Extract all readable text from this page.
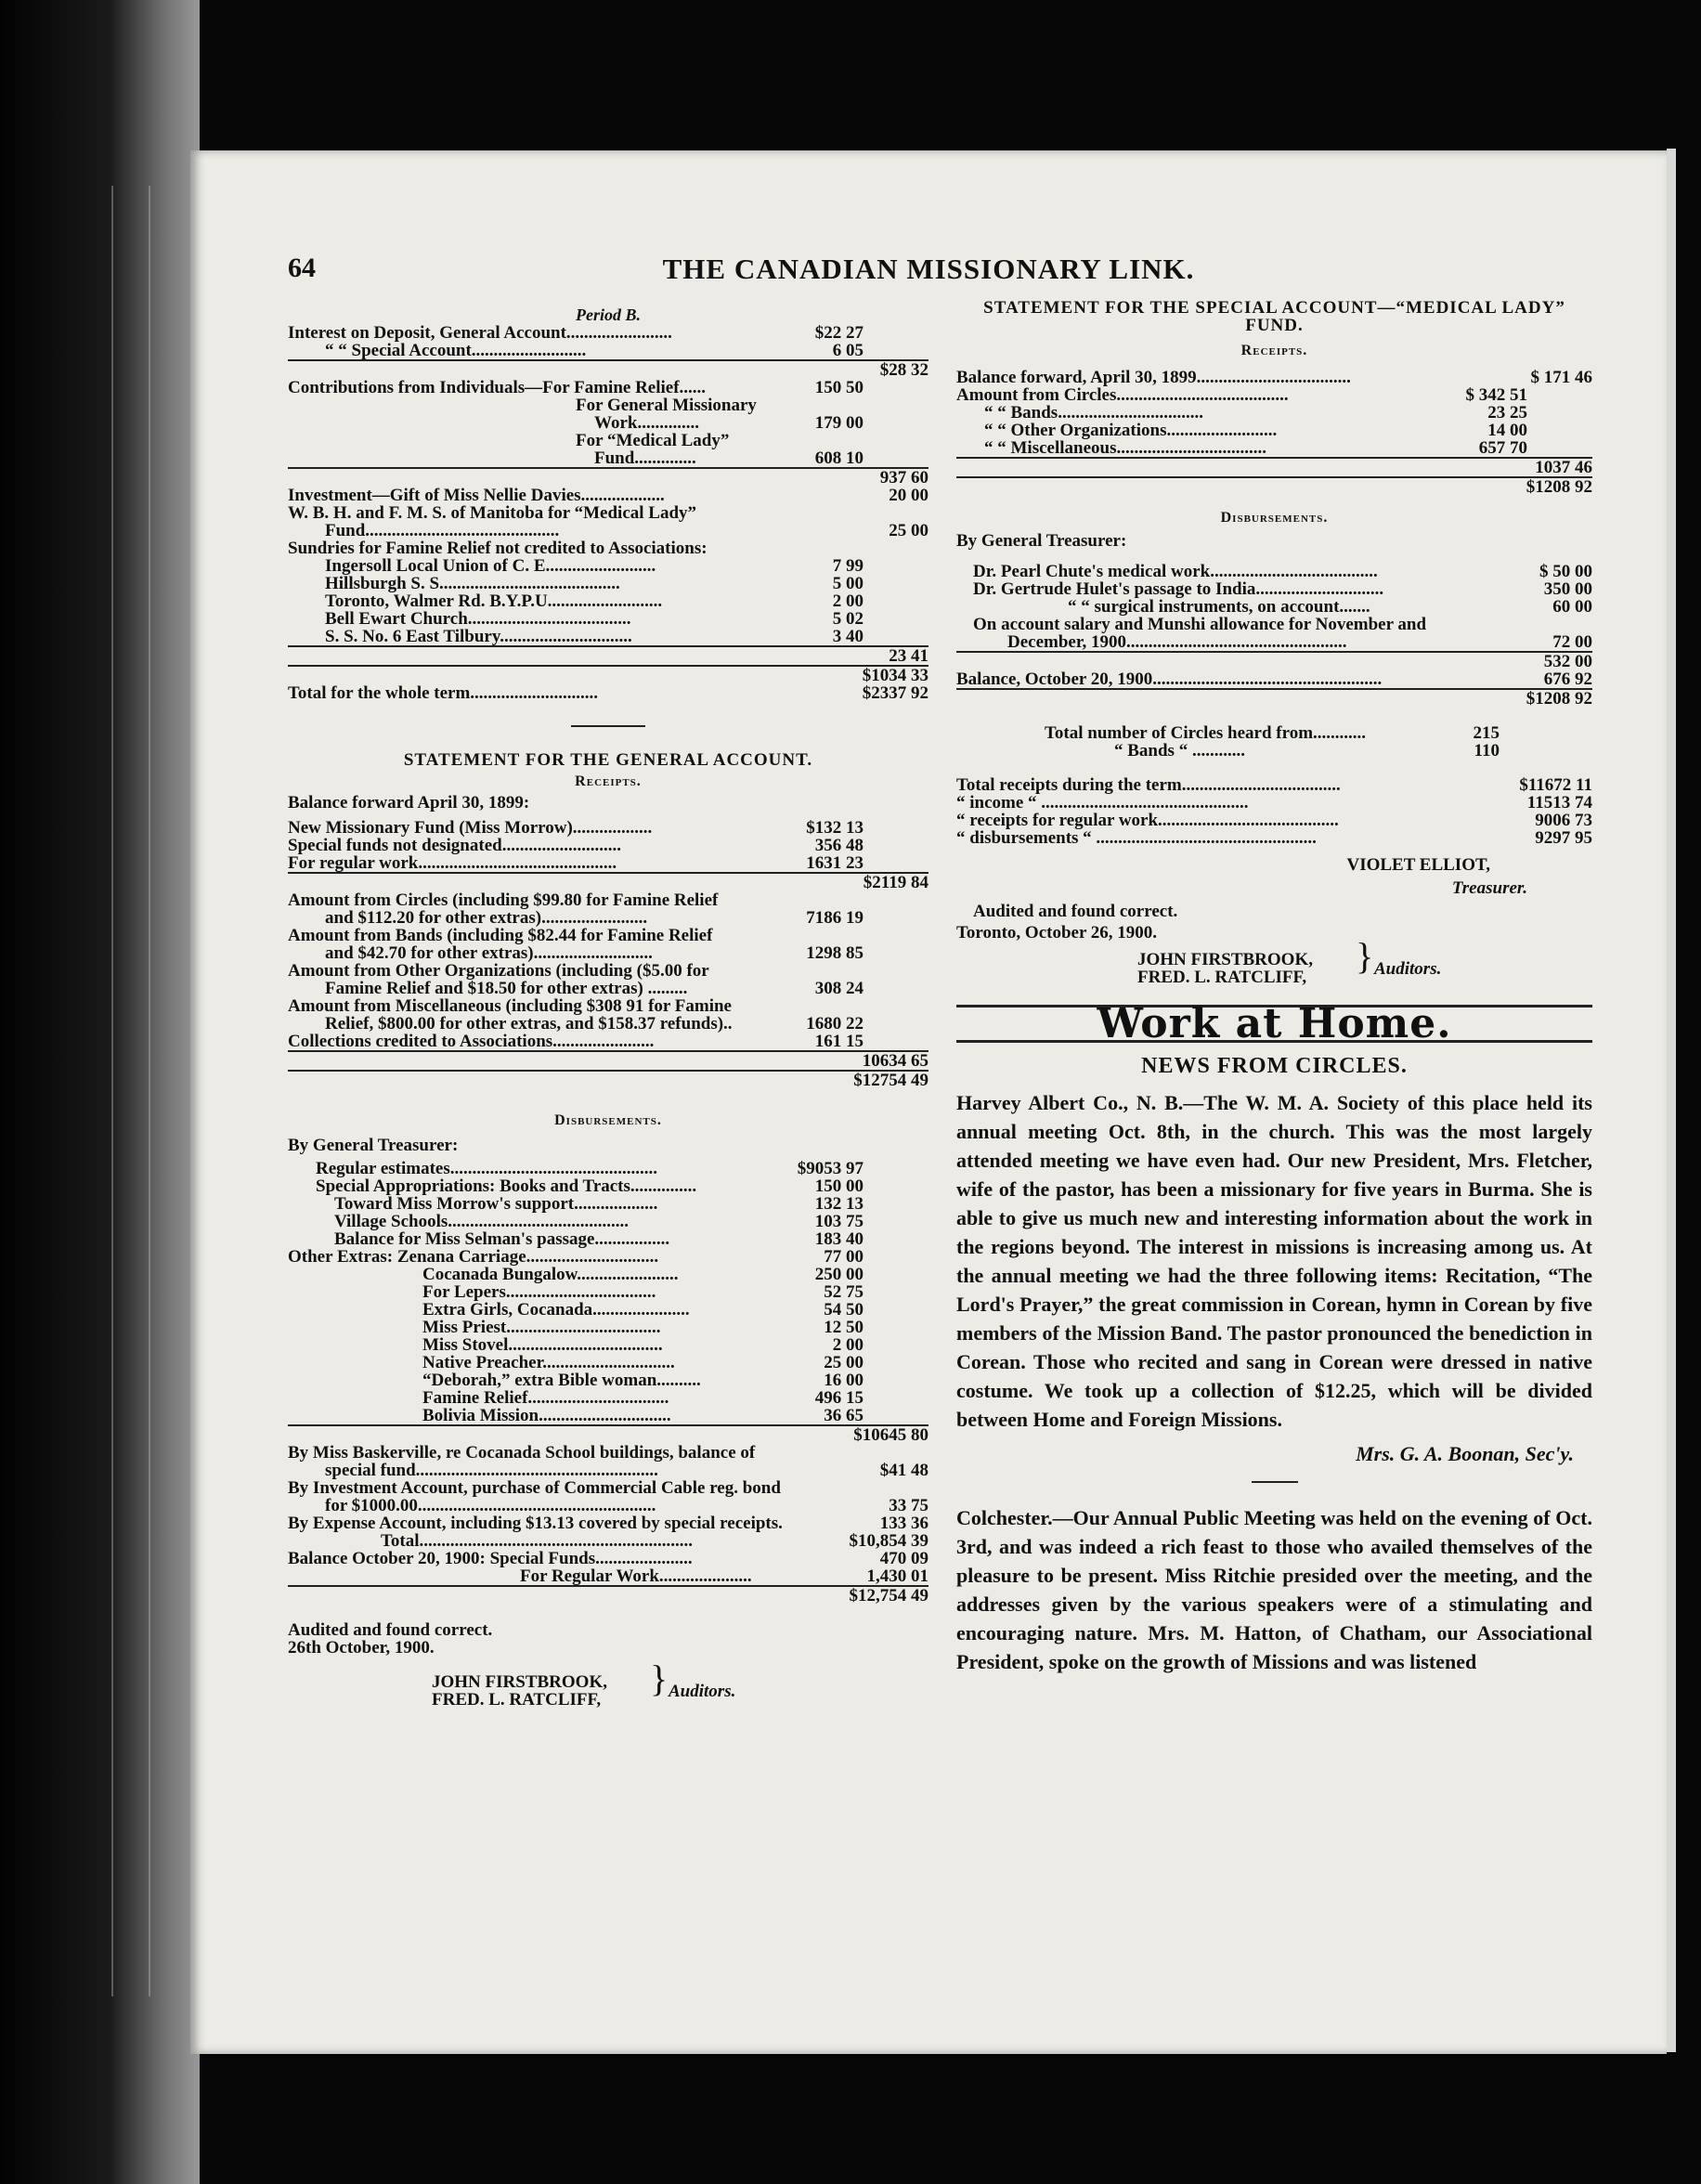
64	THE CANADIAN MISSIONARY LINK.
Period B.
Interest on Deposit, General Account........................	$22 27
“ “ Special Account..........................	6 05
$28 32
Contributions from Individuals—For Famine Relief......	150 50
For General Missionary
Work..............	179 00
For “Medical Lady”
Fund..............	608 10
937 60
Investment—Gift of Miss Nellie Davies...................	20 00
W. B. H. and F. M. S. of Manitoba for “Medical Lady”
Fund............................................	25 00
Sundries for Famine Relief not credited to Associations:
Ingersoll Local Union of C. E.........................	7 99
Hillsburgh S. S.........................................	5 00
Toronto, Walmer Rd. B.Y.P.U..........................	2 00
Bell Ewart Church.....................................	5 02
S. S. No. 6 East Tilbury..............................	3 40
23 41
$1034 33
Total for the whole term.............................	$2337 92
STATEMENT FOR THE GENERAL ACCOUNT.
Receipts.
Balance forward April 30, 1899:
New Missionary Fund (Miss Morrow)..................	$132 13
Special funds not designated...........................	356 48
For regular work.............................................	1631 23
$2119 84
Amount from Circles (including $99.80 for Famine Relief
and $112.20 for other extras)........................	7186 19
Amount from Bands (including $82.44 for Famine Relief
and $42.70 for other extras)...........................	1298 85
Amount from Other Organizations (including ($5.00 for
Famine Relief and $18.50 for other extras) .........	308 24
Amount from Miscellaneous (including $308 91 for Famine
Relief, $800.00 for other extras, and $158.37 refunds)..	1680 22
Collections credited to Associations.......................	161 15
10634 65
$12754 49
Disbursements.
By General Treasurer:
Regular estimates...............................................	$9053 97
Special Appropriations: Books and Tracts...............	150 00
Toward Miss Morrow's support...................	132 13
Village Schools.........................................	103 75
Balance for Miss Selman's passage.................	183 40
Other Extras: Zenana Carriage..............................	77 00
Cocanada Bungalow.......................	250 00
For Lepers..................................	52 75
Extra Girls, Cocanada......................	54 50
Miss Priest...................................	12 50
Miss Stovel...................................	2 00
Native Preacher..............................	25 00
“Deborah,” extra Bible woman..........	16 00
Famine Relief................................	496 15
Bolivia Mission..............................	36 65
$10645 80
By Miss Baskerville, re Cocanada School buildings, balance of
special fund.......................................................	$41 48
By Investment Account, purchase of Commercial Cable reg. bond
for $1000.00......................................................	33 75
By Expense Account, including $13.13 covered by special receipts.	133 36
Total..............................................................	$10,854 39
Balance October 20, 1900: Special Funds......................	470 09
For Regular Work.....................	1,430 01
$12,754 49
Audited and found correct.
26th October, 1900.
JOHN FIRSTBROOK,
FRED. L. RATCLIFF,
} Auditors.
STATEMENT FOR THE SPECIAL ACCOUNT—“MEDICAL LADY”
FUND.
Receipts.
Balance forward, April 30, 1899...................................	$ 171 46
Amount from Circles.......................................	$ 342 51
“ “ Bands.................................	23 25
“ “ Other Organizations.........................	14 00
“ “ Miscellaneous..................................	657 70
1037 46
$1208 92
Disbursements.
By General Treasurer:
Dr. Pearl Chute's medical work......................................	$ 50 00
Dr. Gertrude Hulet's passage to India.............................	350 00
“ “ surgical instruments, on account.......	60 00
On account salary and Munshi allowance for November and
December, 1900..................................................	72 00
532 00
Balance, October 20, 1900....................................................	676 92
$1208 92
Total number of Circles heard from............	215
“ Bands “ ............	110
Total receipts during the term....................................	$11672 11
“ income “ ...............................................	11513 74
“ receipts for regular work.........................................	9006 73
“ disbursements “ ..................................................	9297 95
VIOLET ELLIOT,
Treasurer.
Audited and found correct.
Toronto, October 26, 1900.
JOHN FIRSTBROOK,
FRED. L. RATCLIFF,
} Auditors.
Work at Home.
NEWS FROM CIRCLES.
Harvey Albert Co., N. B.—The W. M. A. Society of this place held its annual meeting Oct. 8th, in the church. This was the most largely attended meeting we have even had. Our new President, Mrs. Fletcher, wife of the pastor, has been a missionary for five years in Burma. She is able to give us much new and interesting information about the work in the regions beyond. The interest in missions is increasing among us. At the annual meeting we had the three following items: Recitation, “The Lord's Prayer,” the great commission in Corean, hymn in Corean by five members of the Mission Band. The pastor pronounced the benediction in Corean. Those who recited and sang in Corean were dressed in native costume. We took up a collection of $12.25, which will be divided between Home and Foreign Missions.
Mrs. G. A. Boonan, Sec'y.
Colchester.—Our Annual Public Meeting was held on the evening of Oct. 3rd, and was indeed a rich feast to those who availed themselves of the pleasure to be present. Miss Ritchie presided over the meeting, and the addresses given by the various speakers were of a stimulating and encouraging nature. Mrs. M. Hatton, of Chatham, our Associational President, spoke on the growth of Missions and was listened
